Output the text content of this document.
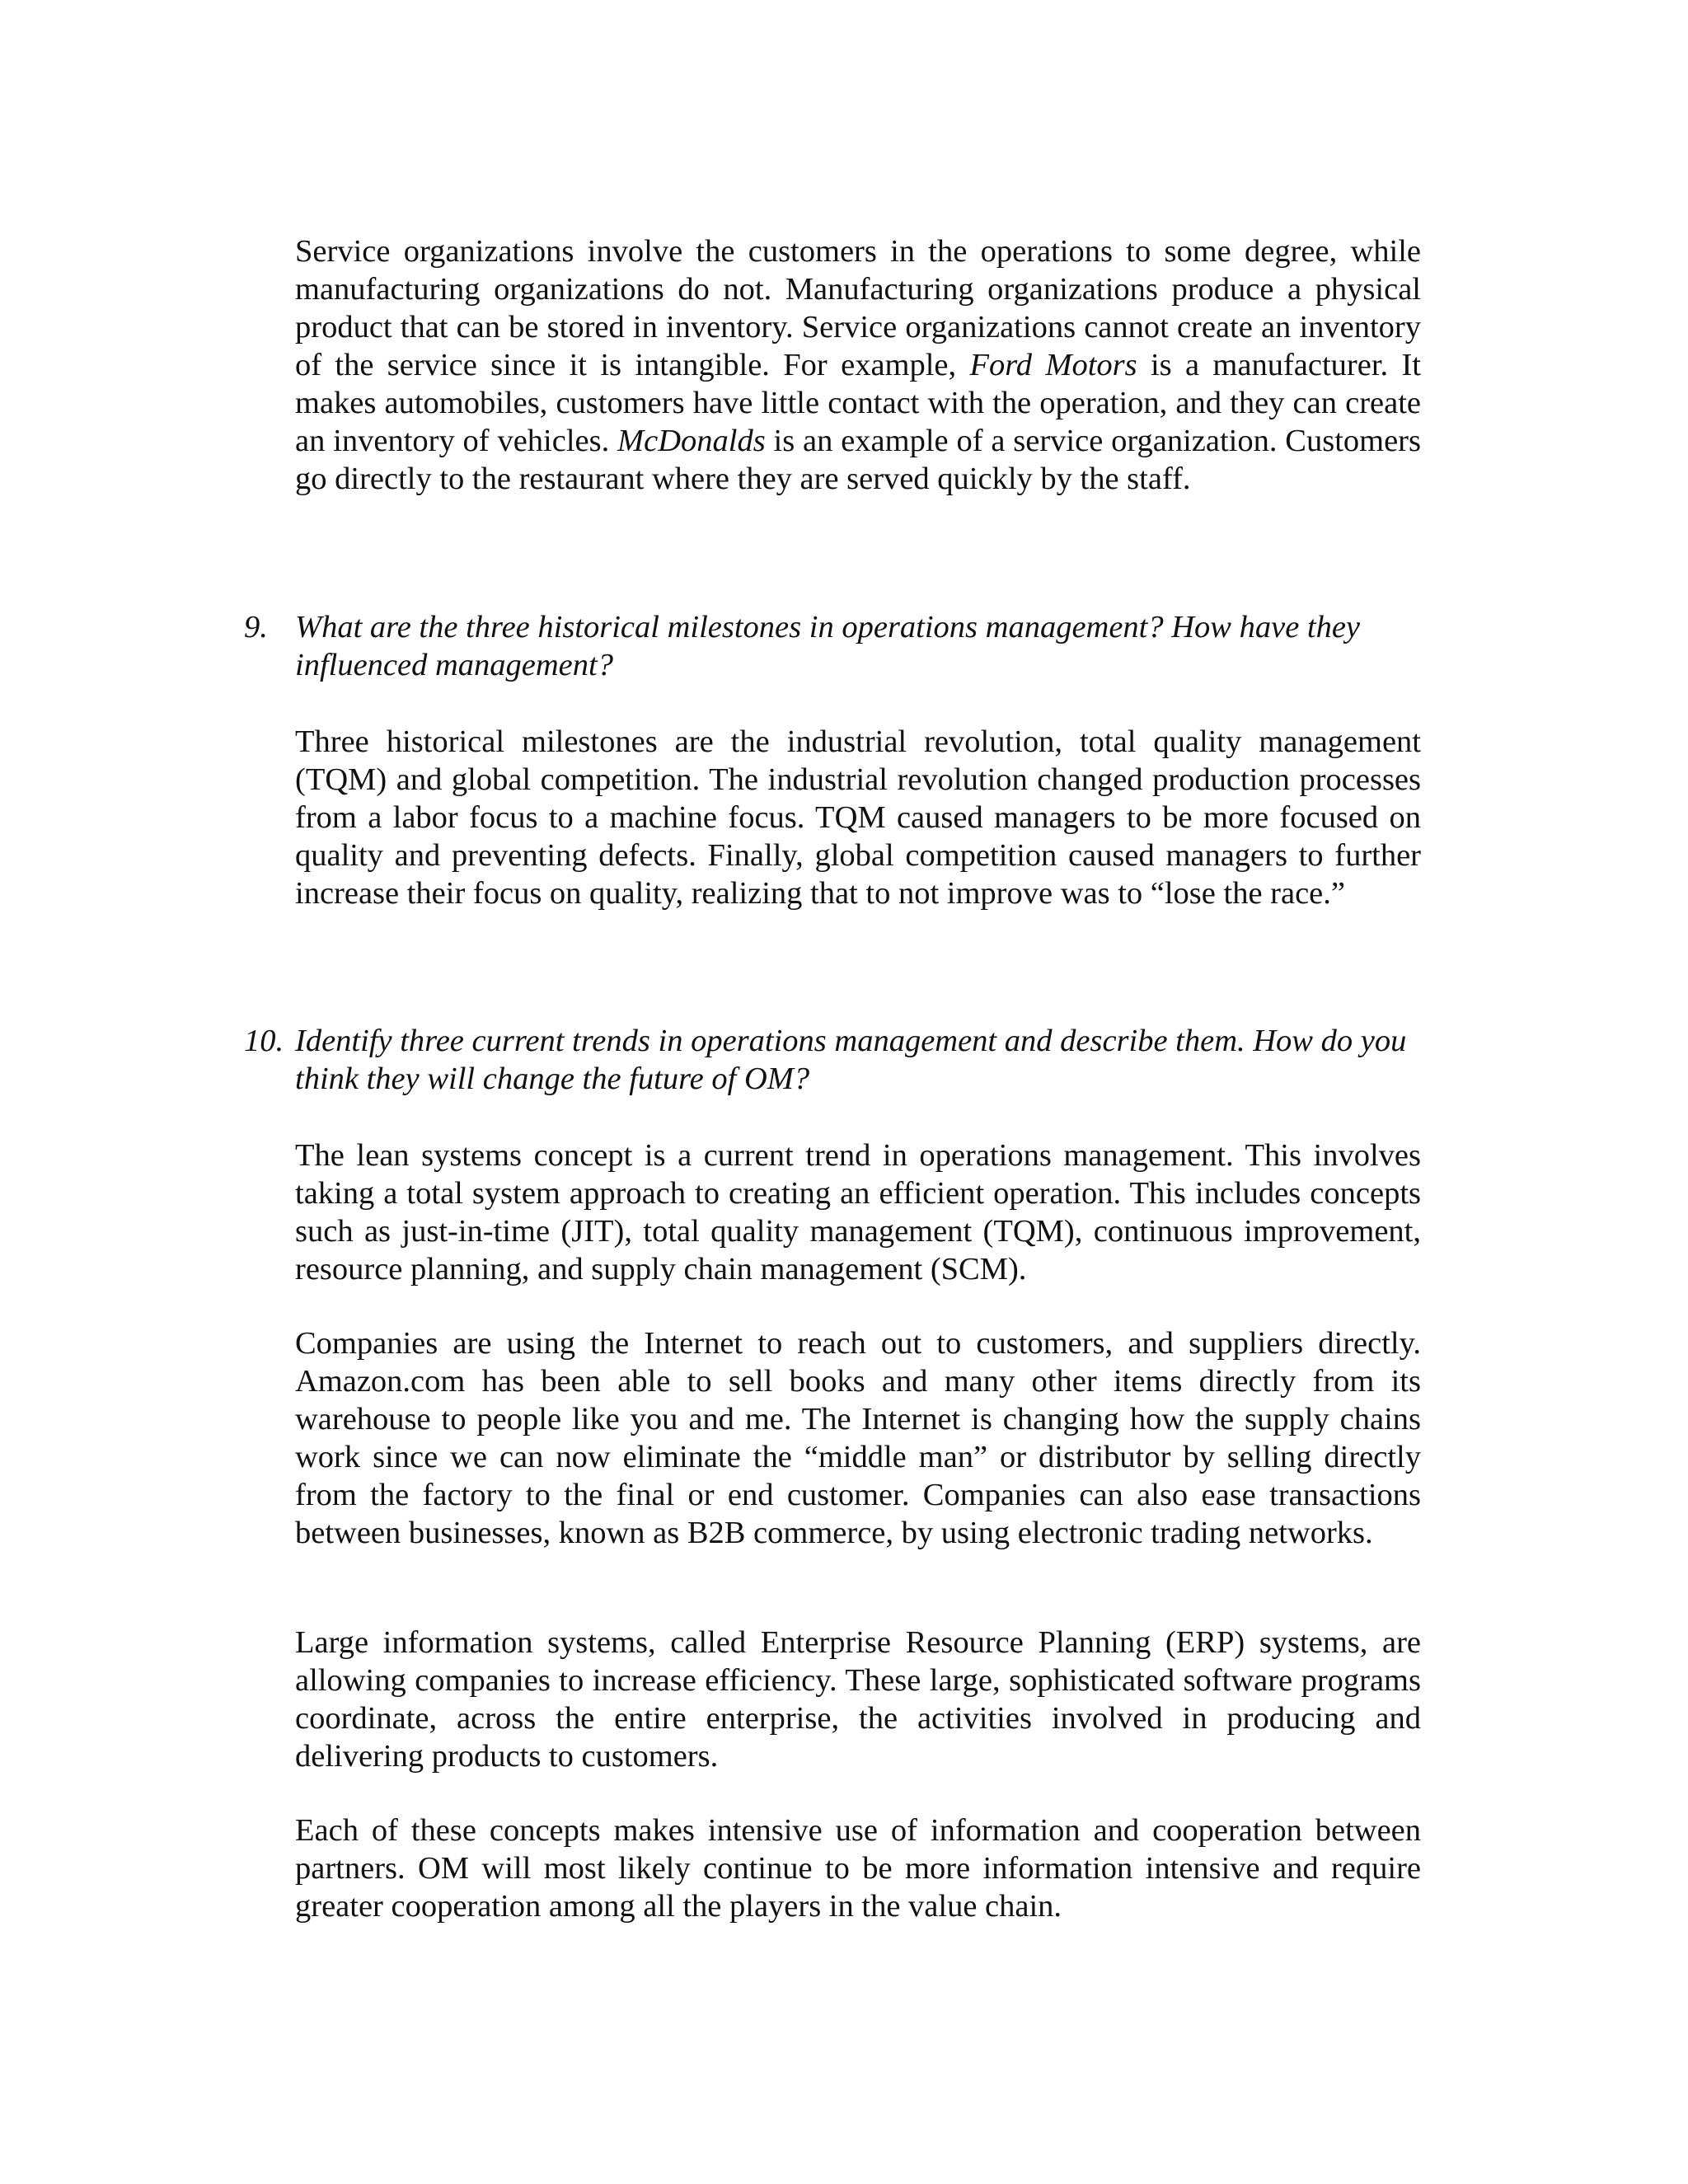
Service organizations involve the customers in the operations to some degree, while manufacturing organizations do not. Manufacturing organizations produce a physical product that can be stored in inventory. Service organizations cannot create an inventory of the service since it is intangible. For example, Ford Motors is a manufacturer. It makes automobiles, customers have little contact with the operation, and they can create an inventory of vehicles. McDonalds is an example of a service organization. Customers go directly to the restaurant where they are served quickly by the staff.

9. What are the three historical milestones in operations management? How have they influenced management?

Three historical milestones are the industrial revolution, total quality management (TQM) and global competition. The industrial revolution changed production processes from a labor focus to a machine focus. TQM caused managers to be more focused on quality and preventing defects. Finally, global competition caused managers to further increase their focus on quality, realizing that to not improve was to “lose the race.”

10. Identify three current trends in operations management and describe them. How do you think they will change the future of OM?

The lean systems concept is a current trend in operations management. This involves taking a total system approach to creating an efficient operation. This includes concepts such as just-in-time (JIT), total quality management (TQM), continuous improvement, resource planning, and supply chain management (SCM).

Companies are using the Internet to reach out to customers, and suppliers directly. Amazon.com has been able to sell books and many other items directly from its warehouse to people like you and me. The Internet is changing how the supply chains work since we can now eliminate the “middle man” or distributor by selling directly from the factory to the final or end customer. Companies can also ease transactions between businesses, known as B2B commerce, by using electronic trading networks.

Large information systems, called Enterprise Resource Planning (ERP) systems, are allowing companies to increase efficiency. These large, sophisticated software programs coordinate, across the entire enterprise, the activities involved in producing and delivering products to customers.

Each of these concepts makes intensive use of information and cooperation between partners. OM will most likely continue to be more information intensive and require greater cooperation among all the players in the value chain.
